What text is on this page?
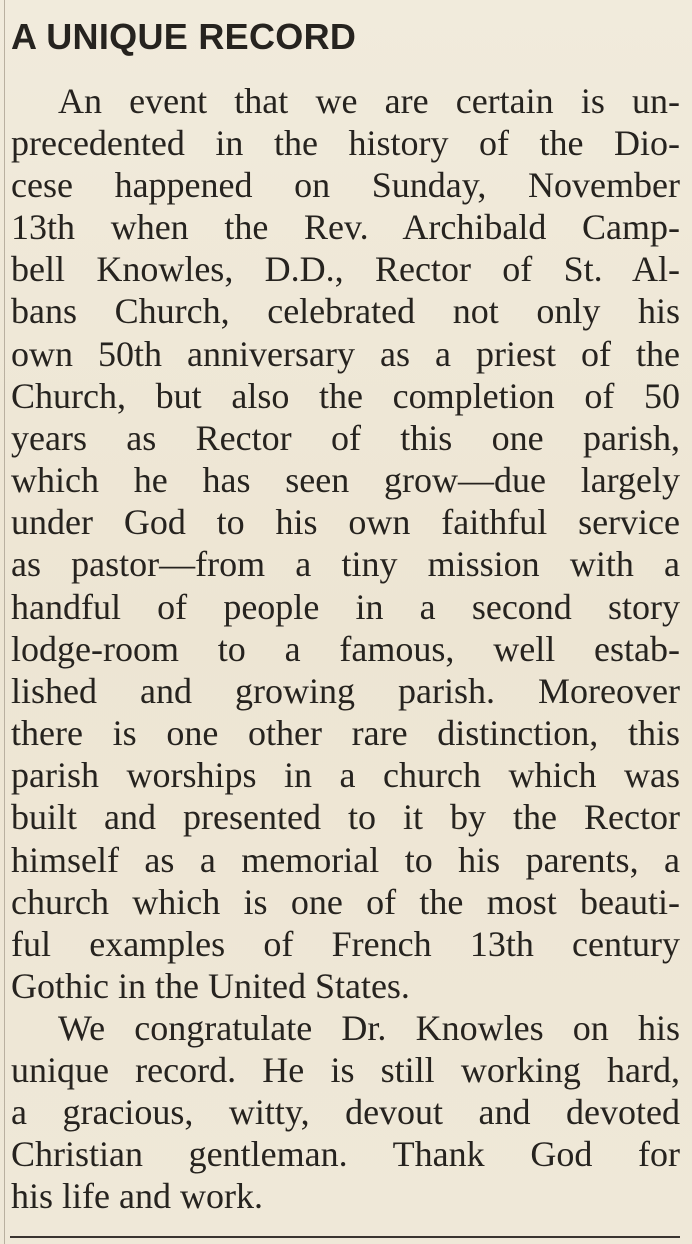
A UNIQUE RECORD
An event that we are certain is un-
precedented in the history of the Dio-
cese happened on Sunday, November
13th when the Rev. Archibald Camp-
bell Knowles, D.D., Rector of St. Al-
bans Church, celebrated not only his
own 50th anniversary as a priest of the
Church, but also the completion of 50
years as Rector of this one parish,
which he has seen grow—due largely
under God to his own faithful service
as pastor—from a tiny mission with a
handful of people in a second story
lodge-room to a famous, well estab-
lished and growing parish. Moreover
there is one other rare distinction, this
parish worships in a church which was
built and presented to it by the Rector
himself as a memorial to his parents, a
church which is one of the most beauti-
ful examples of French 13th century
Gothic in the United States.
We congratulate Dr. Knowles on his
unique record. He is still working hard,
a gracious, witty, devout and devoted
Christian gentleman. Thank God for
his life and work.
